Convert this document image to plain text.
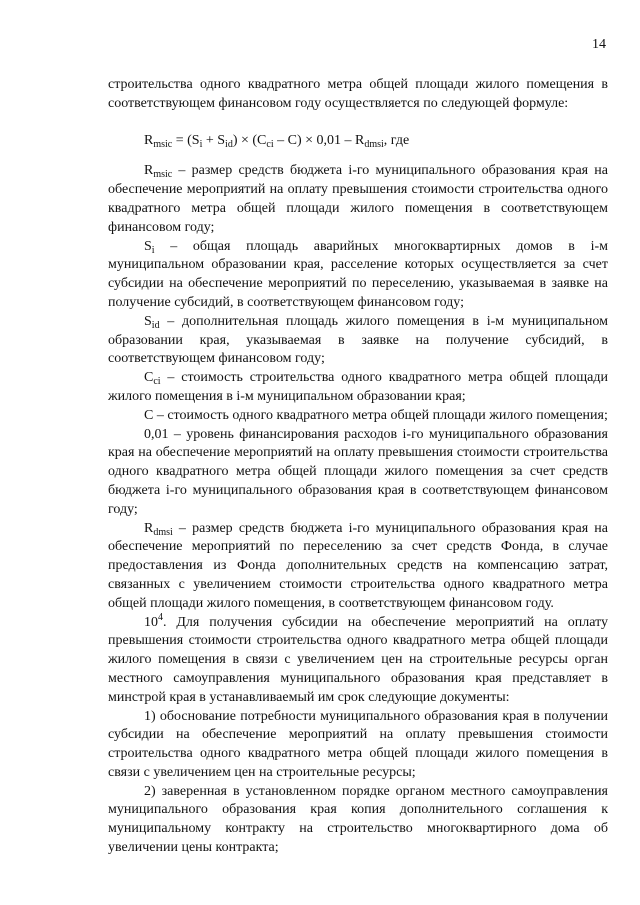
14

строительства одного квадратного метра общей площади жилого помещения в соответствующем финансовом году осуществляется по следующей формуле:

$R_{msic} = (S_i + S_{id}) \times (C_{ci} - C) \times 0,01 - R_{dmsi}$, где

$R_{msic}$ – размер средств бюджета i-го муниципального образования края на обеспечение мероприятий на оплату превышения стоимости строительства одного квадратного метра общей площади жилого помещения в соответствующем финансовом году;

$S_i$ – общая площадь аварийных многоквартирных домов в i-м муниципальном образовании края, расселение которых осуществляется за счет субсидии на обеспечение мероприятий по переселению, указываемая в заявке на получение субсидий, в соответствующем финансовом году;

$S_{id}$ – дополнительная площадь жилого помещения в i-м муниципальном образовании края, указываемая в заявке на получение субсидий, в соответствующем финансовом году;

$C_{ci}$ – стоимость строительства одного квадратного метра общей площади жилого помещения в i-м муниципальном образовании края;

C – стоимость одного квадратного метра общей площади жилого помещения;

0,01 – уровень финансирования расходов i-го муниципального образования края на обеспечение мероприятий на оплату превышения стоимости строительства одного квадратного метра общей площади жилого помещения за счет средств бюджета i-го муниципального образования края в соответствующем финансовом году;

$R_{dmsi}$ – размер средств бюджета i-го муниципального образования края на обеспечение мероприятий по переселению за счет средств Фонда, в случае предоставления из Фонда дополнительных средств на компенсацию затрат, связанных с увеличением стоимости строительства одного квадратного метра общей площади жилого помещения, в соответствующем финансовом году.

$10^4$. Для получения субсидии на обеспечение мероприятий на оплату превышения стоимости строительства одного квадратного метра общей площади жилого помещения в связи с увеличением цен на строительные ресурсы орган местного самоуправления муниципального образования края представляет в минстрой края в устанавливаемый им срок следующие документы:

1) обоснование потребности муниципального образования края в получении субсидии на обеспечение мероприятий на оплату превышения стоимости строительства одного квадратного метра общей площади жилого помещения в связи с увеличением цен на строительные ресурсы;

2) заверенная в установленном порядке органом местного самоуправления муниципального образования края копия дополнительного соглашения к муниципальному контракту на строительство многоквартирного дома об увеличении цены контракта;
